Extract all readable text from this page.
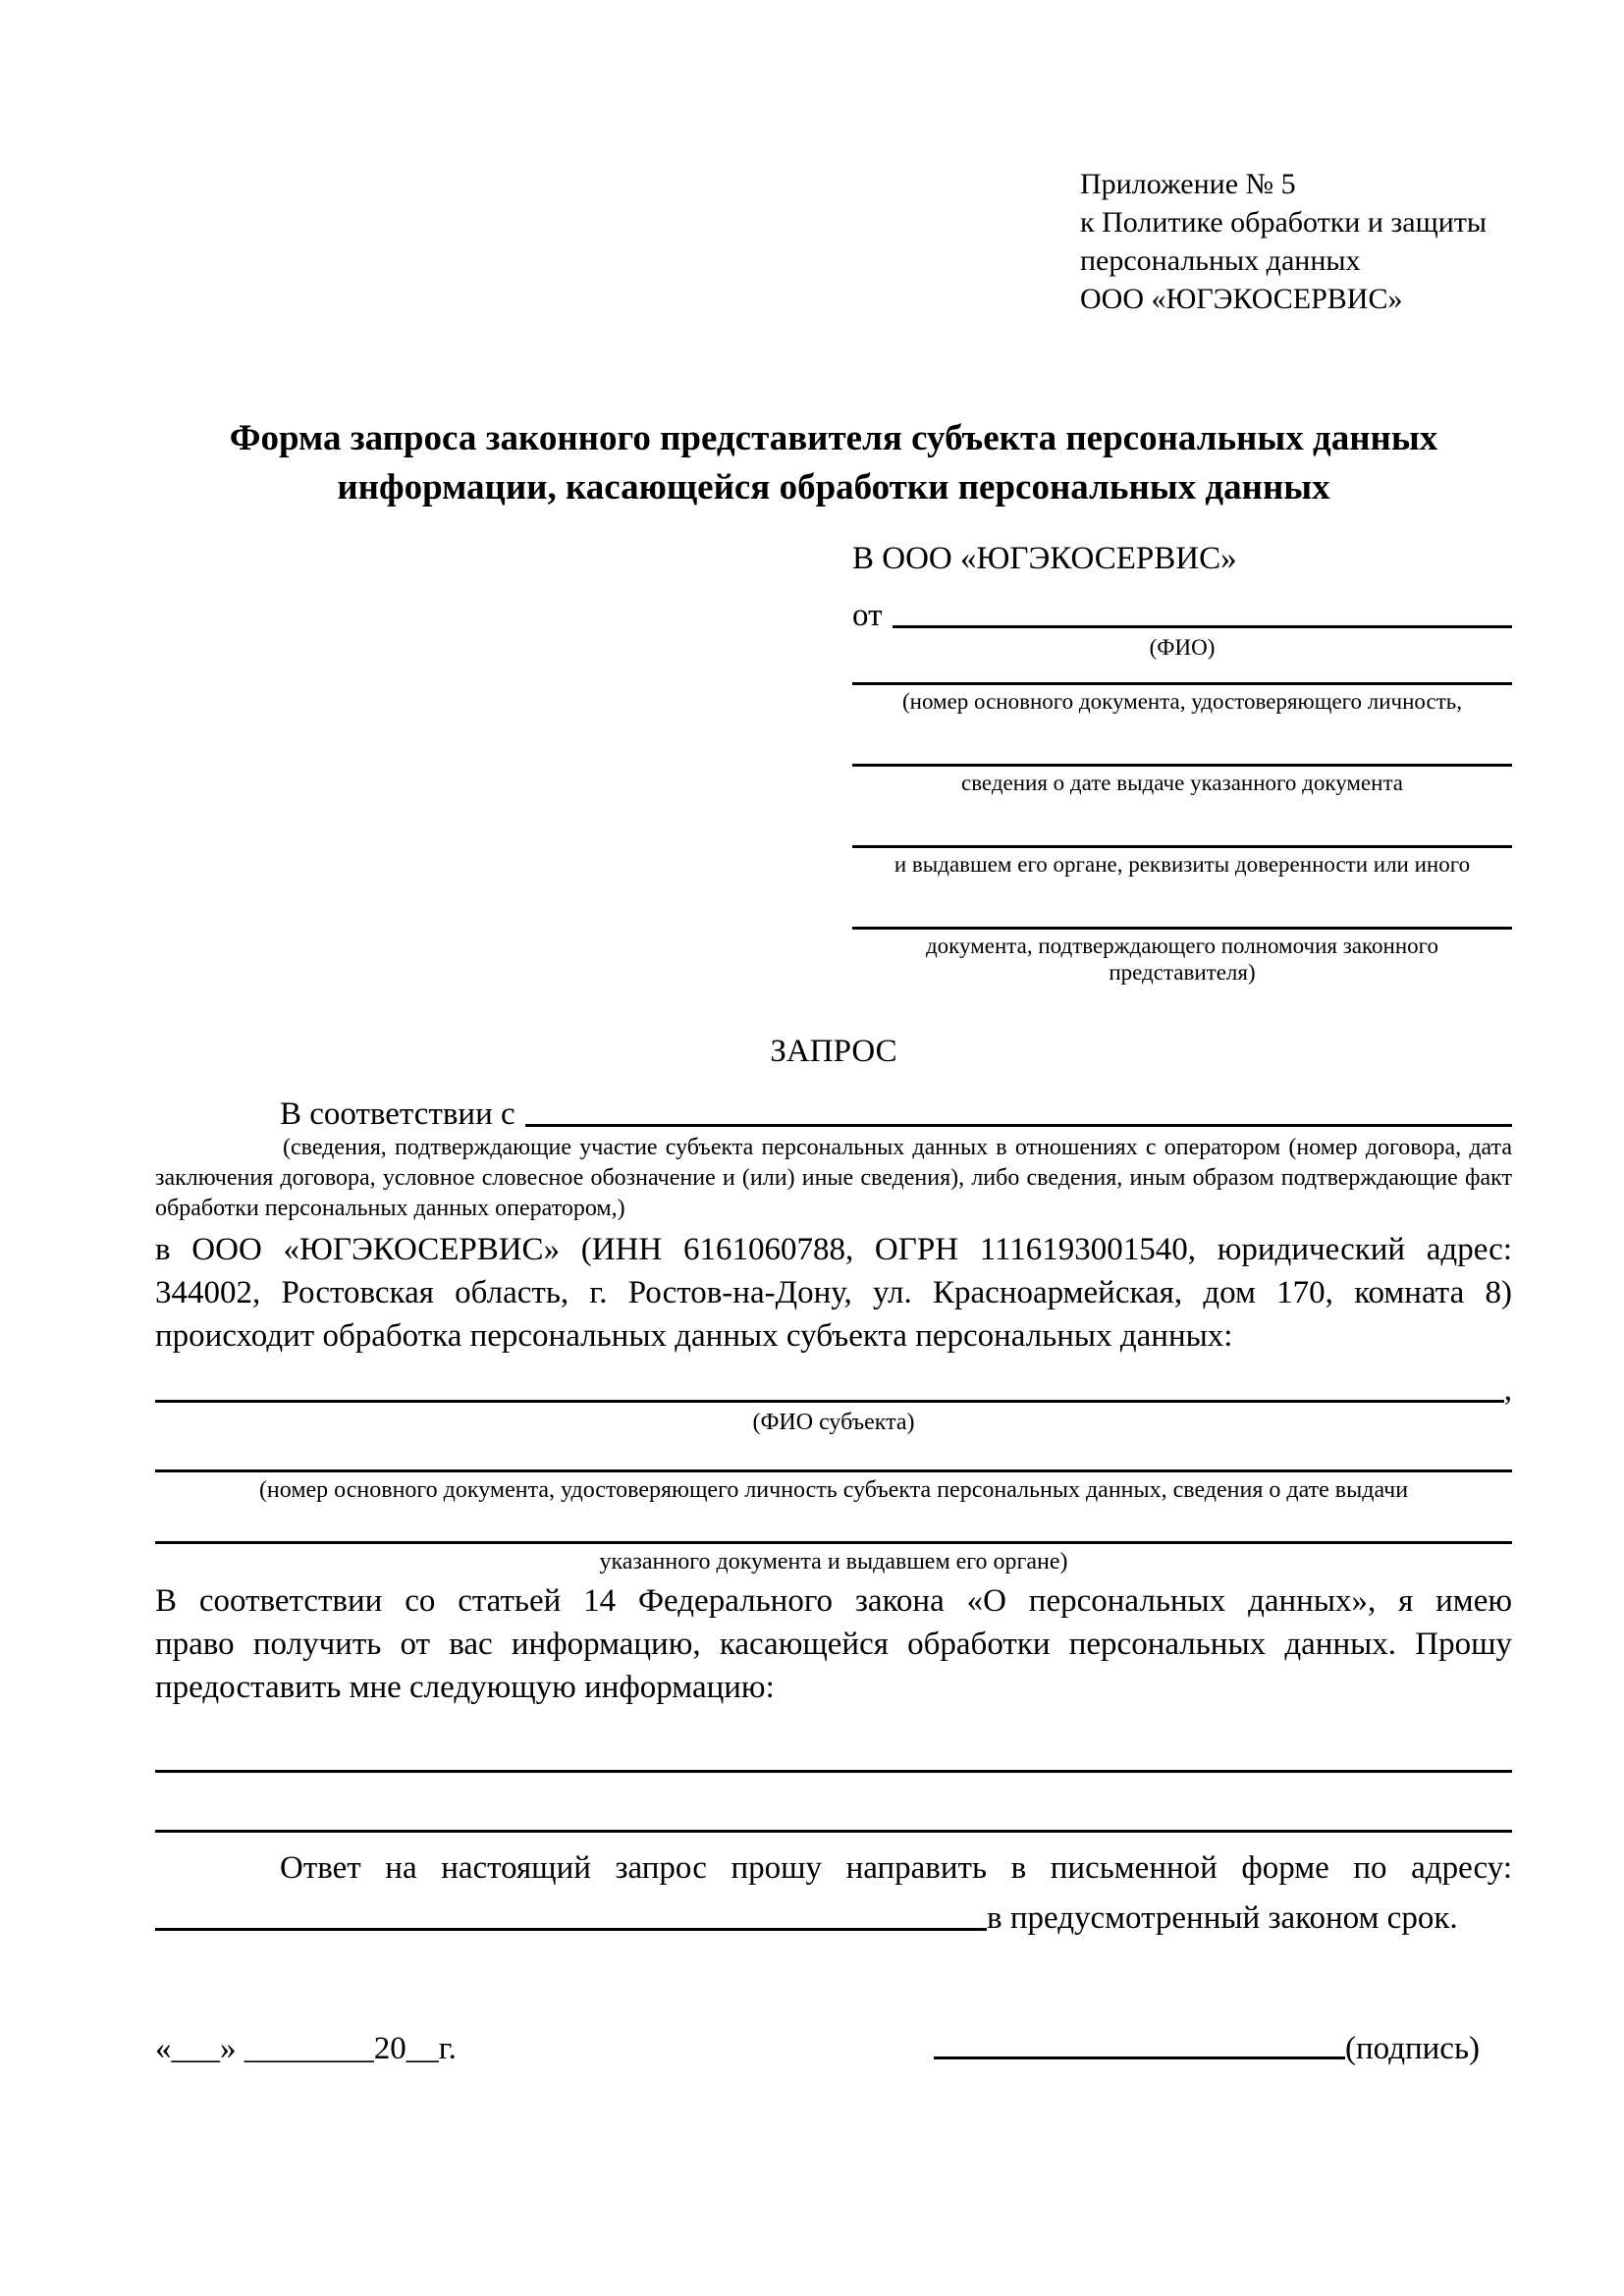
Приложение № 5
к Политике обработки и защиты
персональных данных
ООО «ЮГЭКОСЕРВИС»
Форма запроса законного представителя субъекта персональных данных информации, касающейся обработки персональных данных
В ООО «ЮГЭКОСЕРВИС»
от
(ФИО)
(номер основного документа, удостоверяющего личность,
сведения о дате выдаче указанного документа
и выдавшем его органе, реквизиты доверенности или иного
документа, подтверждающего полномочия законного представителя)
ЗАПРОС
В соответствии с
(сведения, подтверждающие участие субъекта персональных данных в отношениях с оператором (номер договора, дата
заключения договора, условное словесное обозначение и (или) иные сведения), либо сведения, иным образом подтверждающие факт
обработки персональных данных оператором,)
в ООО «ЮГЭКОСЕРВИС» (ИНН 6161060788, ОГРН 1116193001540, юридический адрес:
344002, Ростовская область, г. Ростов-на-Дону, ул. Красноармейская, дом 170, комната 8)
происходит обработка персональных данных субъекта персональных данных:
,
(ФИО субъекта)
(номер основного документа, удостоверяющего личность субъекта персональных данных, сведения о дате выдачи
указанного документа и выдавшем его органе)
В соответствии со статьей 14 Федерального закона «О персональных данных», я имею
право получить от вас информацию, касающейся обработки персональных данных. Прошу
предоставить мне следующую информацию:
Ответ на настоящий запрос прошу направить в письменной форме по адресу:
в предусмотренный законом срок.
«___» ________20__г.	(подпись)
